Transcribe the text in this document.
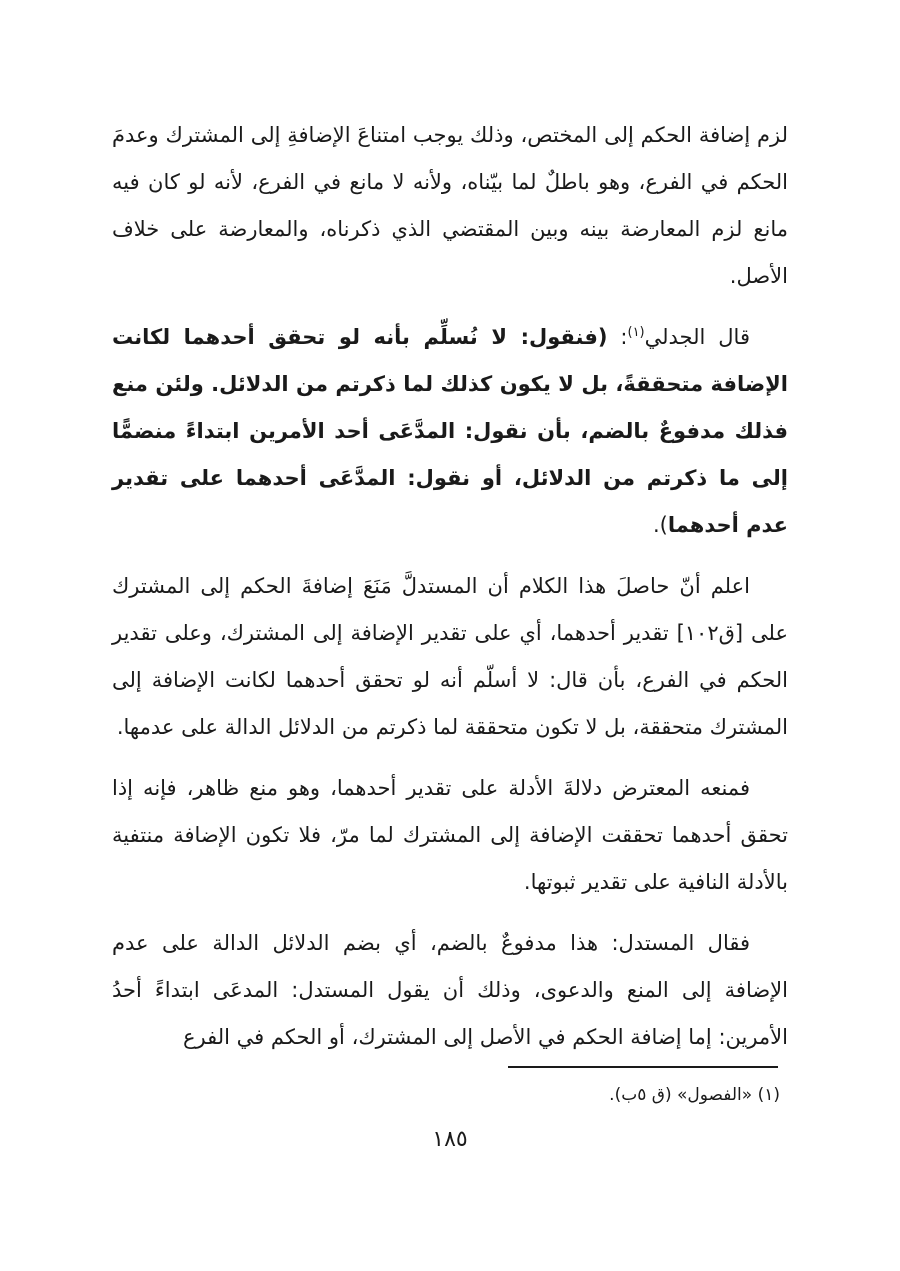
لزم إضافة الحكم إلى المختص، وذلك يوجب امتناعَ الإضافةِ إلى المشترك وعدمَ الحكم في الفرع، وهو باطلٌ لما بيّناه، ولأنه لا مانع في الفرع، لأنه لو كان فيه مانع لزم المعارضة بينه وبين المقتضي الذي ذكرناه، والمعارضة على خلاف الأصل.

قال الجدلي$^{(١)}$: (فنقول: لا نُسلِّم بأنه لو تحقق أحدهما لكانت الإضافة متحققةً، بل لا يكون كذلك لما ذكرتم من الدلائل. ولئن منع فذلك مدفوعٌ بالضم، بأن نقول: المدَّعَى أحد الأمرين ابتداءً منضمًّا إلى ما ذكرتم من الدلائل، أو نقول: المدَّعَى أحدهما على تقدير عدم أحدهما).

اعلم أنّ حاصلَ هذا الكلام أن المستدلَّ مَنَعَ إضافةَ الحكم إلى المشترك على [ق١٠٢] تقدير أحدهما، أي على تقدير الإضافة إلى المشترك، وعلى تقدير الحكم في الفرع، بأن قال: لا أسلّم أنه لو تحقق أحدهما لكانت الإضافة إلى المشترك متحققة، بل لا تكون متحققة لما ذكرتم من الدلائل الدالة على عدمها.

فمنعه المعترض دلالةَ الأدلة على تقدير أحدهما، وهو منع ظاهر، فإنه إذا تحقق أحدهما تحققت الإضافة إلى المشترك لما مرّ، فلا تكون الإضافة منتفية بالأدلة النافية على تقدير ثبوتها.

فقال المستدل: هذا مدفوعٌ بالضم، أي بضم الدلائل الدالة على عدم الإضافة إلى المنع والدعوى، وذلك أن يقول المستدل: المدعَى ابتداءً أحدُ الأمرين: إما إضافة الحكم في الأصل إلى المشترك، أو الحكم في الفرع

(١) «الفصول» (ق ٥ب).
١٨٥
